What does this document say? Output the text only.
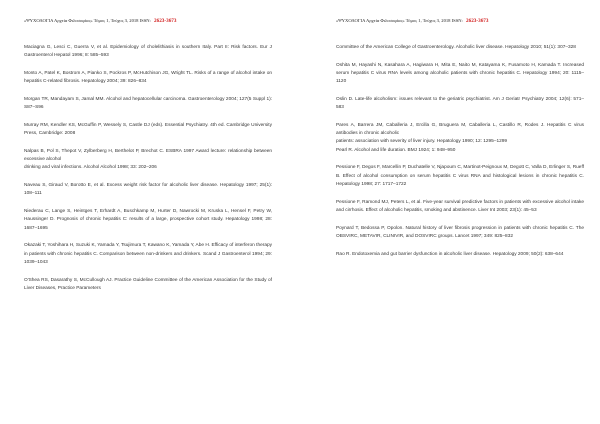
«ΨΥΧΟΛΟΓΙΑ Αρχεία Φιλοσοφίας» Τόμος 1, Τεύχος 3, 2018 ISSN: 2623-3673

Maciagna G, Lesci C, Guerra V, et al. Epidemiology of cholelithiasis in southern Italy. Part II: Risk factors. Eur J Gastroenterol Hepatol 1996; 8: 585–593

Monto A, Patel K, Bostrom A, Pianko S, Pockros P, McHutchison JG, Wright TL. Risks of a range of alcohol intake on hepatitis C-related fibrosis. Hepatology 2004; 39: 826–834

Morgan TR, Mandayam S, Jamal MM. Alcohol and hepatocellular carcinoma. Gastroenterology 2004; 127(5 Suppl 1): S87–S96

Murray RM, Kendler KS, McGuffin P, Wessely S, Castle DJ (eds). Essential Psychiatry. 4th ed. Cambridge University Press, Cambridge: 2008

Nalpas B, Pol S, Thepot V, Zylberberg H, Berthelot P, Brechot C. ESBRA 1997 Award lecture: relationship between excessive alcohol
drinking and viral infections. Alcohol Alcohol 1998; 33: 202–206

Naveau S, Giraud V, Borotto E, et al. Excess weight risk factor for alcoholic liver disease. Hepatology 1997; 25(1): 108–111

Niederau C, Lange S, Heintges T, Erhardt A, Buschkamp M, Hurter D, Nawrocki M, Kruska L, Hensel F, Petry W, Haussinger D. Prognosis of chronic hepatitis C: results of a large, prospective cohort study. Hepatology 1998; 28: 1687–1695

Okazaki T, Yoshihara H, Suzuki K, Yamada Y, Tsujimura T, Kawano K, Yamada Y, Abe H. Efficacy of interferon therapy in patients with chronic hepatitis C. Comparison between non-drinkers and drinkers. Scand J Gastroenterol 1994; 29: 1039–1043

O'Shea RS, Dasarathy S, McCullough AJ. Practice Guideline Committee of the American Association for the Study of Liver Diseases, Practice Parameters

«ΨΥΧΟΛΟΓΙΑ Αρχεία Φιλοσοφίας» Τόμος 1, Τεύχος 3, 2018 ISSN: 2623-3673

Committee of the American College of Gastroenterology. Alcoholic liver disease. Hepatology 2010; 51(1): 307–328

Oshita M, Hayashi N, Kasahara A, Hagiwara H, Mita E, Naito M, Katayama K, Fusamoto H, Kamada T. Increased serum hepatitis C virus RNA levels among alcoholic patients with chronic hepatitis C. Hepatology 1994; 20: 1115–1120

Oslin D. Late-life alcoholism: issues relevant to the geriatric psychiatrist. Am J Geriatr Psychiatry 2004; 12(6): 571–583

Pares A, Barrera JM, Caballeria J, Ercilla G, Bruguera M, Caballeria L, Castillo R, Rodes J. Hepatitis C virus antibodies in chronic alcoholic
patients: association with severity of liver injury. Hepatology 1990; 12: 1295–1299
Pearl R. Alcohol and life duration. BMJ 1924; 1: 948–950

Pessione F, Degos F, Marcellin P, Duchatelle V, Njapoum C, Martinot-Peignoux M, Degott C, Valla D, Erlinger S, Rueff B. Effect of alcohol consumption on serum hepatitis C virus RNA and histological lesions in chronic hepatitis C. Hepatology 1998; 27: 1717–1722

Pessione F, Ramond MJ, Peters L, et al. Five-year survival predictive factors in patients with excessive alcohol intake and cirrhosis. Effect of alcoholic hepatitis, smoking and abstinence. Liver Int 2003; 23(1): 45–53

Poynard T, Bedossa P, Opolon. Natural history of liver fibrosis progression in patients with chronic hepatitis C. The OBSVIRC, METAVIR, CLINIVIR, and DOSVIRC groups. Lancet 1997; 349: 825–832

Rao R. Endotoxemia and gut barrier dysfunction in alcoholic liver disease. Hepatology 2009; 50(2): 638–644
